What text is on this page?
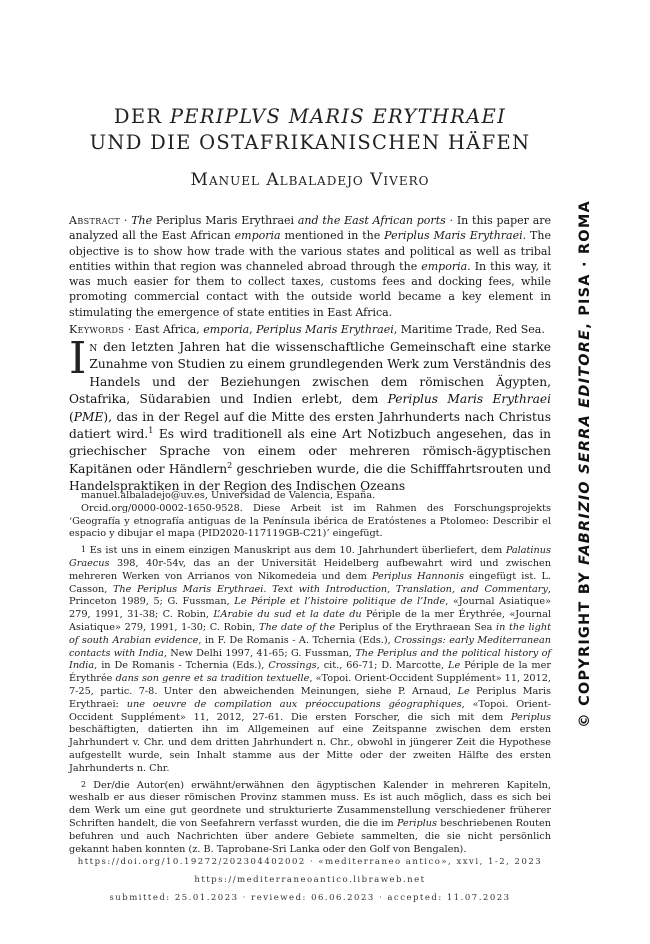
DER PERIPLVS MARIS ERYTHRAEI
UND DIE OSTAFRIKANISCHEN HÄFEN
Manuel Albaladejo Vivero

Abstract · The Periplus Maris Erythraei and the East African ports · In this paper are analyzed all the East African emporia mentioned in the Periplus Maris Erythraei. The objective is to show how trade with the various states and political as well as tribal entities within that region was channeled abroad through the emporia. In this way, it was much easier for them to collect taxes, customs fees and docking fees, while promoting commercial contact with the outside world became a key element in stimulating the emergence of state entities in East Africa.

Keywords · East Africa, emporia, Periplus Maris Erythraei, Maritime Trade, Red Sea.

In den letzten Jahren hat die wissenschaftliche Gemeinschaft eine starke Zunahme von Studien zu einem grundlegenden Werk zum Verständnis des Handels und der Beziehungen zwischen dem römischen Ägypten, Ostafrika, Südarabien und Indien erlebt, dem Periplus Maris Erythraei (PME), das in der Regel auf die Mitte des ersten Jahrhunderts nach Christus datiert wird.$^1$ Es wird traditionell als eine Art Notizbuch angesehen, das in griechischer Sprache von einem oder mehreren römisch-ägyptischen Kapitänen oder Händlern$^2$ geschrieben wurde, die die Schifffahrtsrouten und Handelspraktiken in der Region des Indischen Ozeans

manuel.albaladejo@uv.es, Universidad de Valencia, España.

Orcid.org/0000-0002-1650-9528. Diese Arbeit ist im Rahmen des Forschungsprojekts ‘Geografía y etnografía antiguas de la Península ibérica de Eratóstenes a Ptolomeo: Describir el espacio y dibujar el mapa (PID2020-117119GB-C21)’ eingefügt.

$^1$ Es ist uns in einem einzigen Manuskript aus dem 10. Jahrhundert überliefert, dem Palatinus Graecus 398, 40r-54v, das an der Universität Heidelberg aufbewahrt wird und zwischen mehreren Werken von Arrianos von Nikomedeia und dem Periplus Hannonis eingefügt ist. L. Casson, The Periplus Maris Erythraei. Text with Introduction, Translation, and Commentary, Princeton 1989, 5; G. Fussman, Le Périple et l’histoire politique de l’Inde, «Journal Asiatique» 279, 1991, 31-38; C. Robin, L’Arabie du sud et la date du Périple de la mer Érythrée, «Journal Asiatique» 279, 1991, 1-30; C. Robin, The date of the Periplus of the Erythraean Sea in the light of south Arabian evidence, in F. De Romanis - A. Tchernia (Eds.), Crossings: early Mediterranean contacts with India, New Delhi 1997, 41-65; G. Fussman, The Periplus and the political history of India, in De Romanis - Tchernia (Eds.), Crossings, cit., 66-71; D. Marcotte, Le Périple de la mer Érythrée dans son genre et sa tradition textuelle, «Topoi. Orient-Occident Supplément» 11, 2012, 7-25, partic. 7-8. Unter den abweichenden Meinungen, siehe P. Arnaud, Le Periplus Maris Erythraei: une oeuvre de compilation aux préoccupations géographiques, «Topoi. Orient-Occident Supplément» 11, 2012, 27-61. Die ersten Forscher, die sich mit dem Periplus beschäftigten, datierten ihn im Allgemeinen auf eine Zeitspanne zwischen dem ersten Jahrhundert v. Chr. und dem dritten Jahrhundert n. Chr., obwohl in jüngerer Zeit die Hypothese aufgestellt wurde, sein Inhalt stamme aus der Mitte oder der zweiten Hälfte des ersten Jahrhunderts n. Chr.

$^2$ Der/die Autor(en) erwähnt/erwähnen den ägyptischen Kalender in mehreren Kapiteln, weshalb er aus dieser römischen Provinz stammen muss. Es ist auch möglich, dass es sich bei dem Werk um eine gut geordnete und strukturierte Zusammenstellung verschiedener früherer Schriften handelt, die von Seefahrern verfasst wurden, die die im Periplus beschriebenen Routen befuhren und auch Nachrichten über andere Gebiete sammelten, die sie nicht persönlich gekannt haben konnten (z. B. Taprobane-Sri Lanka oder den Golf von Bengalen).

https://doi.org/10.19272/202304402002 · «mediterraneo antico», xxvi, 1-2, 2023
https://mediterraneoantico.libraweb.net
submitted: 25.01.2023 · reviewed: 06.06.2023 · accepted: 11.07.2023
© COPYRIGHT BY FABRIZIO SERRA EDITORE, PISA · ROMA
